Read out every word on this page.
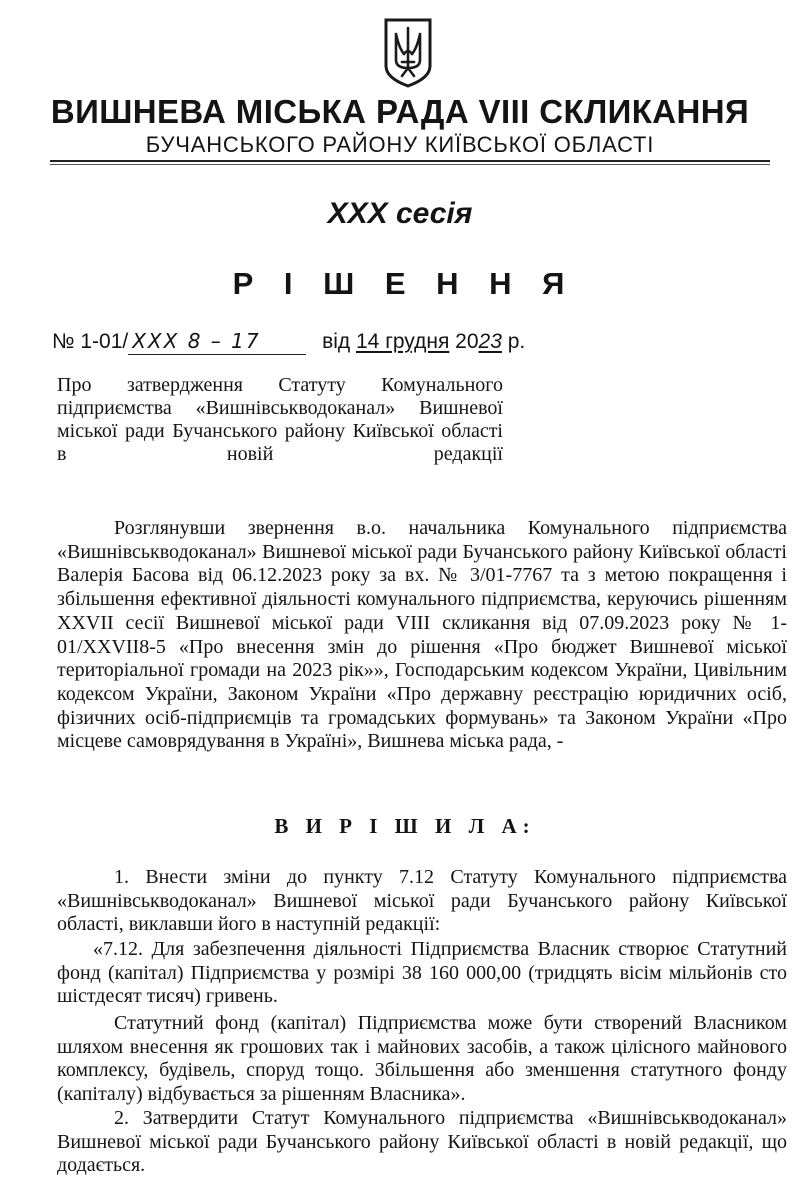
ВИШНЕВА МІСЬКА РАДА VIII СКЛИКАННЯ
БУЧАНСЬКОГО РАЙОНУ КИЇВСЬКОЇ ОБЛАСТІ
XXX сесія
Р І Ш Е Н Н Я
№ 1-01/ XXX 8 – 17	від 14 грудня 2023 р.
Про затвердження Статуту Комунального підприємства «Вишнівськводоканал» Вишневої міської ради Бучанського району Київської області в новій редакції
Розглянувши звернення в.о. начальника Комунального підприємства «Вишнівськводоканал» Вишневої міської ради Бучанського району Київської області Валерія Басова від 06.12.2023 року за вх. № 3/01-7767 та з метою покращення і збільшення ефективної діяльності комунального підприємства, керуючись рішенням XXVII сесії Вишневої міської ради VIII скликання від 07.09.2023 року № 1-01/XXVII8-5 «Про внесення змін до рішення «Про бюджет Вишневої міської територіальної громади на 2023 рік»», Господарським кодексом України, Цивільним кодексом України, Законом України «Про державну реєстрацію юридичних осіб, фізичних осіб-підприємців та громадських формувань» та Законом України «Про місцеве самоврядування в Україні», Вишнева міська рада, -
В И Р І Ш И Л А:
1. Внести зміни до пункту 7.12 Статуту Комунального підприємства «Вишнівськводоканал» Вишневої міської ради Бучанського району Київської області, виклавши його в наступній редакції:
«7.12. Для забезпечення діяльності Підприємства Власник створює Статутний фонд (капітал) Підприємства у розмірі 38 160 000,00 (тридцять вісім мільйонів сто шістдесят тисяч) гривень.
Статутний фонд (капітал) Підприємства може бути створений Власником шляхом внесення як грошових так і майнових засобів, а також цілісного майнового комплексу, будівель, споруд тощо. Збільшення або зменшення статутного фонду (капіталу) відбувається за рішенням Власника».
2. Затвердити Статут Комунального підприємства «Вишнівськводоканал» Вишневої міської ради Бучанського району Київської області в новій редакції, що додається.
